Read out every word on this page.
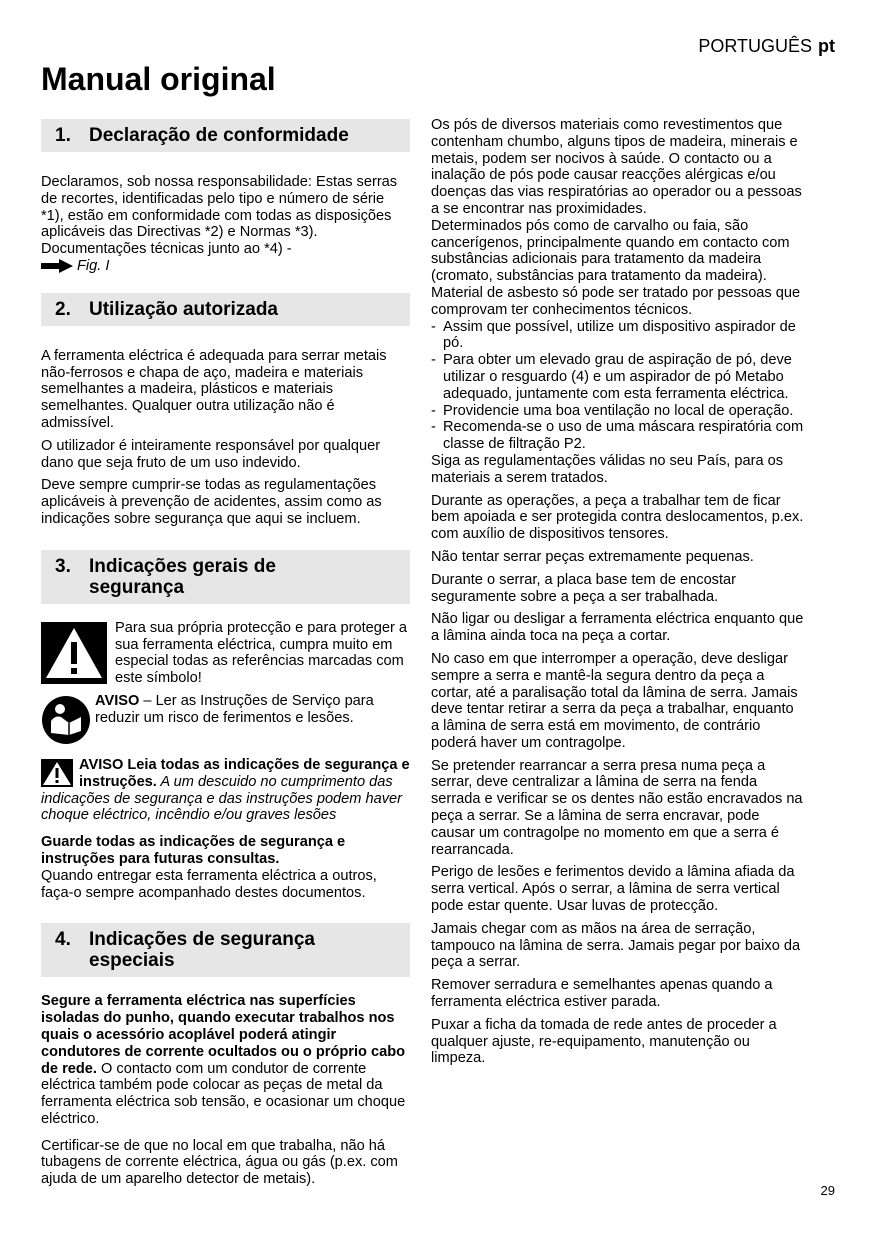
PORTUGUÊS pt
Manual original
1. Declaração de conformidade

Declaramos, sob nossa responsabilidade: Estas serras de recortes, identificadas pelo tipo e número de série *1), estão em conformidade com todas as disposições aplicáveis das Directivas *2) e Normas *3). Documentações técnicas junto ao *4) -

Fig. I
2. Utilização autorizada

A ferramenta eléctrica é adequada para serrar metais não-ferrosos e chapa de aço, madeira e materiais semelhantes a madeira, plásticos e materiais semelhantes. Qualquer outra utilização não é admissível.

O utilizador é inteiramente responsável por qualquer dano que seja fruto de um uso indevido.

Deve sempre cumprir-se todas as regulamentações aplicáveis à prevenção de acidentes, assim como as indicações sobre segurança que aqui se incluem.

3. Indicações gerais de
segurança
Para sua própria protecção e para proteger a sua ferramenta eléctrica, cumpra muito em especial todas as referências marcadas com este símbolo!
AVISO – Ler as Instruções de Serviço para reduzir um risco de ferimentos e lesões.

AVISO Leia todas as indicações de segurança e instruções. A um descuido no cumprimento das indicações de segurança e das instruções podem haver choque eléctrico, incêndio e/ou graves lesões

Guarde todas as indicações de segurança e instruções para futuras consultas.
Quando entregar esta ferramenta eléctrica a outros, faça-o sempre acompanhado destes documentos.

4. Indicações de segurança
especiais

Segure a ferramenta eléctrica nas superfícies isoladas do punho, quando executar trabalhos nos quais o acessório acoplável poderá atingir condutores de corrente ocultados ou o próprio cabo de rede. O contacto com um condutor de corrente eléctrica também pode colocar as peças de metal da ferramenta eléctrica sob tensão, e ocasionar um choque eléctrico.

Certificar-se de que no local em que trabalha, não há tubagens de corrente eléctrica, água ou gás (p.ex. com ajuda de um aparelho detector de metais).

Os pós de diversos materiais como revestimentos que contenham chumbo, alguns tipos de madeira, minerais e metais, podem ser nocivos à saúde. O contacto ou a inalação de pós pode causar reacções alérgicas e/ou doenças das vias respiratórias ao operador ou a pessoas a se encontrar nas proximidades.

Determinados pós como de carvalho ou faia, são cancerígenos, principalmente quando em contacto com substâncias adicionais para tratamento da madeira (cromato, substâncias para tratamento da madeira). Material de asbesto só pode ser tratado por pessoas que comprovam ter conhecimentos técnicos.

- Assim que possível, utilize um dispositivo aspirador de pó.
- Para obter um elevado grau de aspiração de pó, deve utilizar o resguardo (4) e um aspirador de pó Metabo adequado, juntamente com esta ferramenta eléctrica.
- Providencie uma boa ventilação no local de operação.
- Recomenda-se o uso de uma máscara respiratória com classe de filtração P2.

Siga as regulamentações válidas no seu País, para os materiais a serem tratados.

Durante as operações, a peça a trabalhar tem de ficar bem apoiada e ser protegida contra deslocamentos, p.ex. com auxílio de dispositivos tensores.

Não tentar serrar peças extremamente pequenas.

Durante o serrar, a placa base tem de encostar seguramente sobre a peça a ser trabalhada.

Não ligar ou desligar a ferramenta eléctrica enquanto que a lâmina ainda toca na peça a cortar.

No caso em que interromper a operação, deve desligar sempre a serra e mantê-la segura dentro da peça a cortar, até a paralisação total da lâmina de serra. Jamais deve tentar retirar a serra da peça a trabalhar, enquanto a lâmina de serra está em movimento, de contrário poderá haver um contragolpe.

Se pretender rearrancar a serra presa numa peça a serrar, deve centralizar a lâmina de serra na fenda serrada e verificar se os dentes não estão encravados na peça a serrar. Se a lâmina de serra encravar, pode causar um contragolpe no momento em que a serra é rearrancada.

Perigo de lesões e ferimentos devido a lâmina afiada da serra vertical. Após o serrar, a lâmina de serra vertical pode estar quente. Usar luvas de protecção.

Jamais chegar com as mãos na área de serração, tampouco na lâmina de serra. Jamais pegar por baixo da peça a serrar.

Remover serradura e semelhantes apenas quando a ferramenta eléctrica estiver parada.

Puxar a ficha da tomada de rede antes de proceder a qualquer ajuste, re-equipamento, manutenção ou limpeza.

29
